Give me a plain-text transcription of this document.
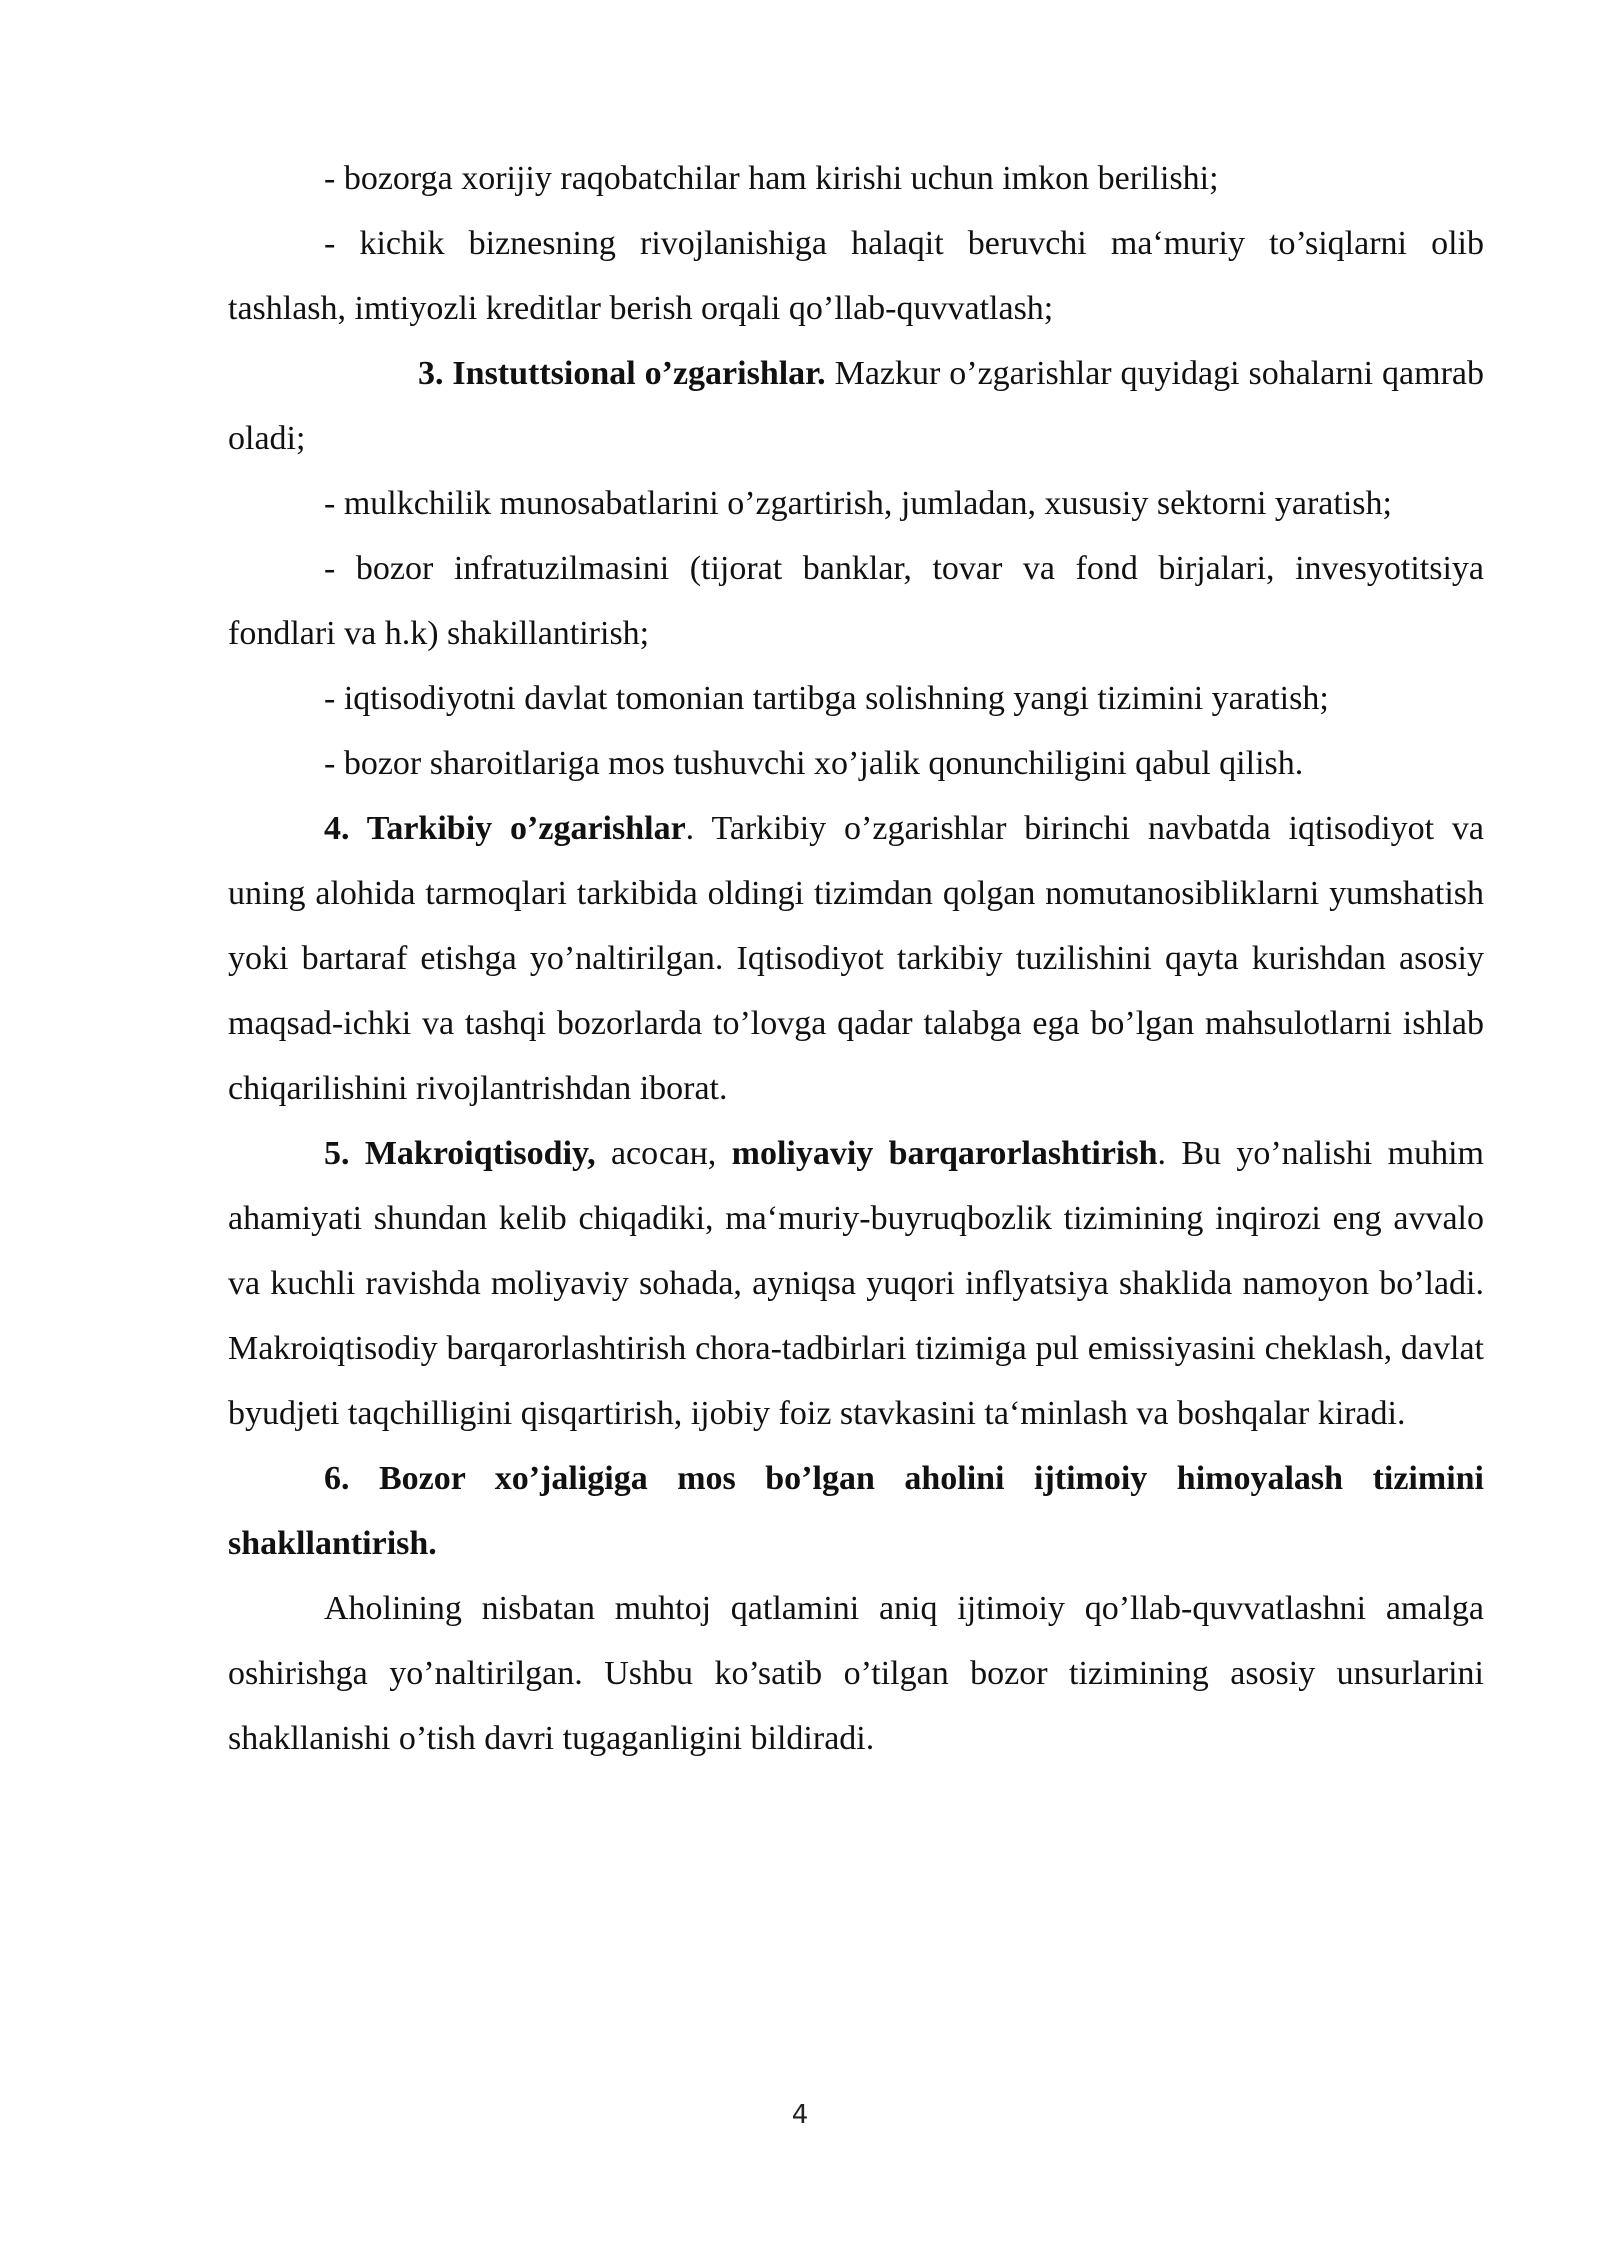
- bozorga xorijiy raqobatchilar ham kirishi uchun imkon berilishi;

- kichik biznesning rivojlanishiga halaqit beruvchi ma‘muriy to’siqlarni olib tashlash, imtiyozli kreditlar berish orqali qo’llab-quvvatlash;

3. Instuttsional o’zgarishlar. Mazkur o’zgarishlar quyidagi sohalarni qamrab oladi;

- mulkchilik munosabatlarini o’zgartirish, jumladan, xususiy sektorni yaratish;

- bozor infratuzilmasini (tijorat banklar, tovar va fond birjalari, invesyotitsiya fondlari va h.k) shakillantirish;

- iqtisodiyotni davlat tomonian tartibga solishning yangi tizimini yaratish;

- bozor sharoitlariga mos tushuvchi xo’jalik qonunchiligini qabul qilish.

4. Tarkibiy o’zgarishlar. Tarkibiy o’zgarishlar birinchi navbatda iqtisodiyot va uning alohida tarmoqlari tarkibida oldingi tizimdan qolgan nomutanosibliklarni yumshatish yoki bartaraf etishga yo’naltirilgan. Iqtisodiyot tarkibiy tuzilishini qayta kurishdan asosiy maqsad-ichki va tashqi bozorlarda to’lovga qadar talabga ega bo’lgan mahsulotlarni ishlab chiqarilishini rivojlantrishdan iborat.

5. Makroiqtisodiy, асосан, moliyaviy barqarorlashtirish. Bu yo’nalishi muhim ahamiyati shundan kelib chiqadiki, ma‘muriy-buyruqbozlik tizimining inqirozi eng avvalo va kuchli ravishda moliyaviy sohada, ayniqsa yuqori inflyatsiya shaklida namoyon bo’ladi. Makroiqtisodiy barqarorlashtirish chora-tadbirlari tizimiga pul emissiyasini cheklash, davlat byudjeti taqchilligini qisqartirish, ijobiy foiz stavkasini ta‘minlash va boshqalar kiradi.

6. Bozor xo’jaligiga mos bo’lgan aholini ijtimoiy himoyalash tizimini shakllantirish.

Aholining nisbatan muhtoj qatlamini aniq ijtimoiy qo’llab-quvvatlashni amalga oshirishga yo’naltirilgan. Ushbu ko’satib o’tilgan bozor tizimining asosiy unsurlarini shakllanishi o’tish davri tugaganligini bildiradi.

4
